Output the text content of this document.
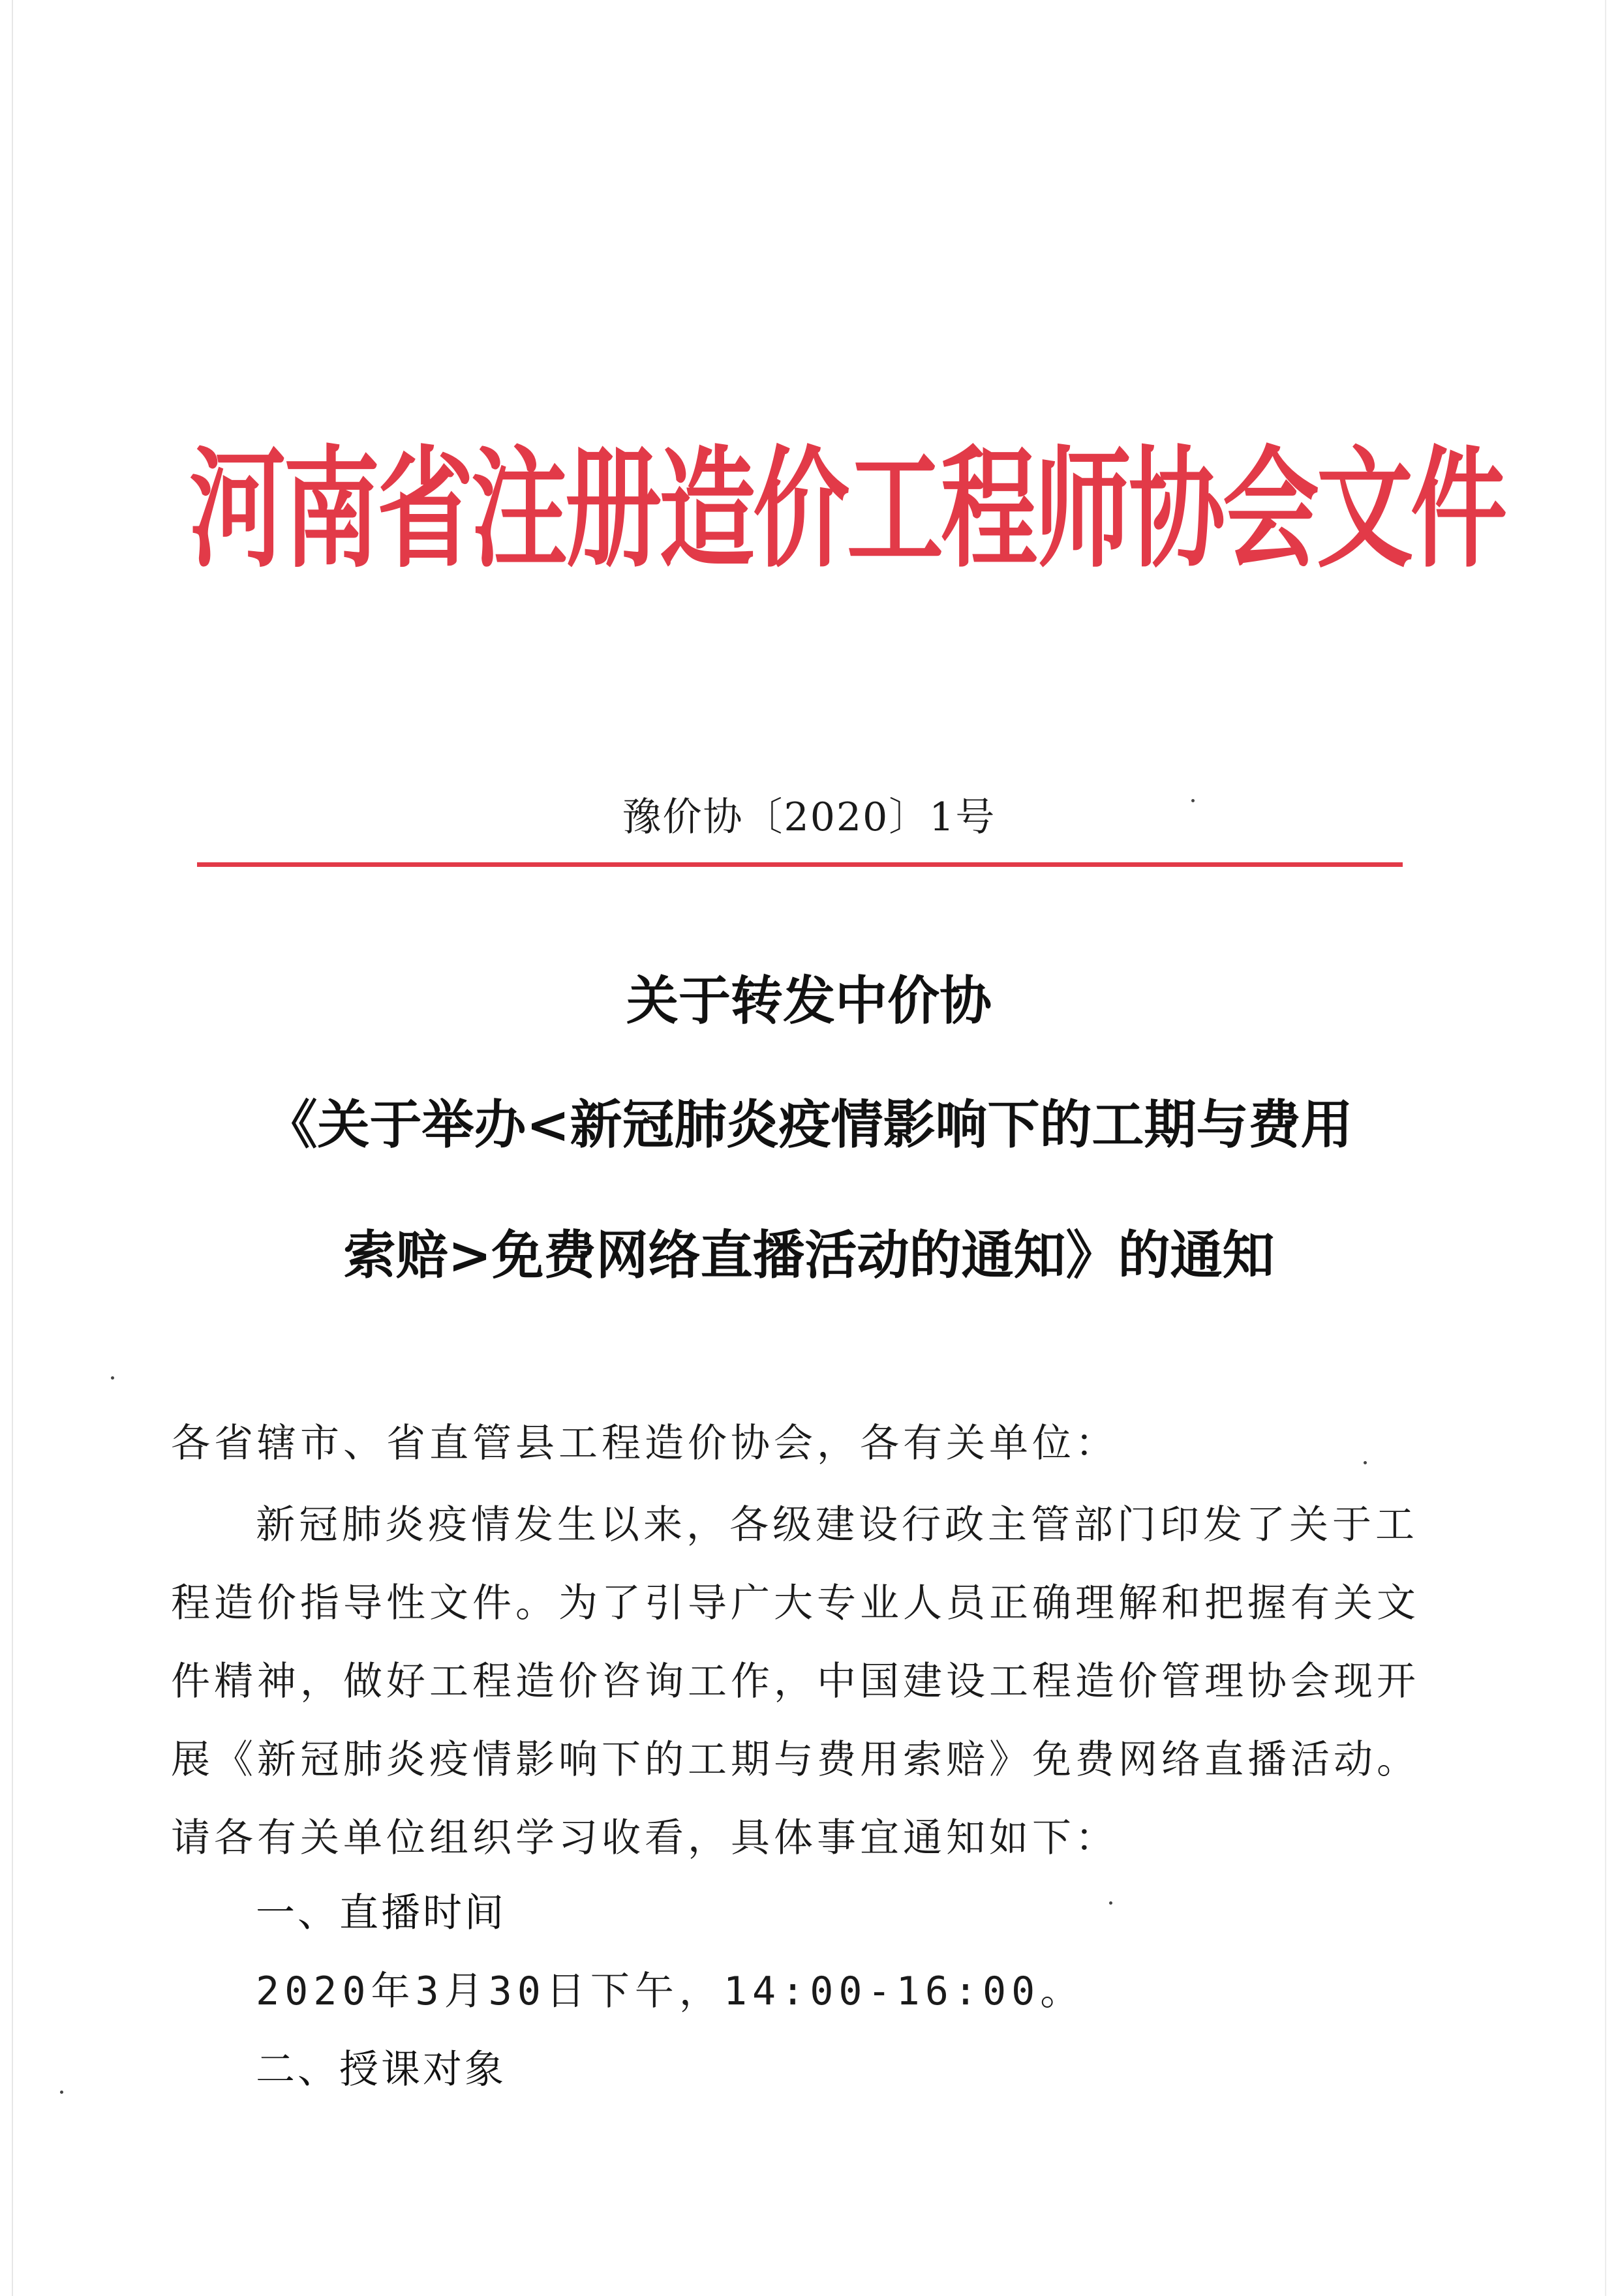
河南省注册造价工程师协会文件
豫价协〔2020〕1号
关于转发中价协
《关于举办<新冠肺炎疫情影响下的工期与费用
索赔>免费网络直播活动的通知》的通知
各省辖市、省直管县工程造价协会，各有关单位：
新冠肺炎疫情发生以来，各级建设行政主管部门印发了关于工
程造价指导性文件。为了引导广大专业人员正确理解和把握有关文
件精神，做好工程造价咨询工作，中国建设工程造价管理协会现开
展《新冠肺炎疫情影响下的工期与费用索赔》免费网络直播活动。
请各有关单位组织学习收看，具体事宜通知如下：
一、直播时间
2020年3月30日下午，14:00-16:00。
二、授课对象
